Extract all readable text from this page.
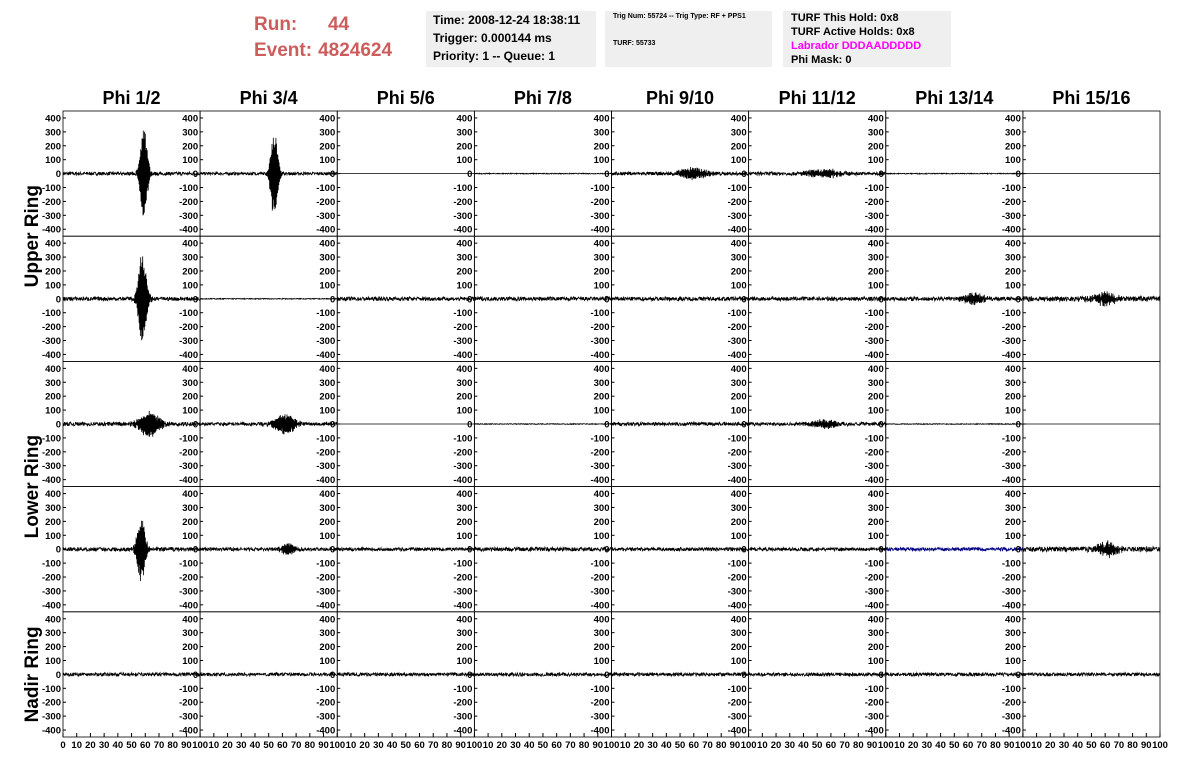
Run:	44
Event: 4824624
Time: 2008-12-24 18:38:11
Trigger: 0.000144 ms
Priority: 1 -- Queue: 1
Trig Num: 55724 -- Trig Type: RF + PPS1
TURF: 55733
TURF This Hold: 0x8
TURF Active Holds: 0x8
Labrador DDDAADDDDD
Phi Mask: 0
Phi 1/2	Phi 3/4	Phi 5/6	Phi 7/8	Phi 9/10	Phi 11/12	Phi 13/14	Phi 15/16
Upper Ring
Lower Ring
Nadir Ring
400
300
200
100
0
-100
-200
-300
-400
400
300
200
100
0
-100
-200
-300
-400
400
300
200
100
0
-100
-200
-300
-400
400
300
200
100
0
-100
-200
-300
-400
400
300
200
100
0
-100
-200
-300
-400
400
300
200
100
0
-100
-200
-300
-400
400
300
200
100
0
-100
-200
-300
-400
400
300
200
100
0
-100
-200
-300
-400
400
300
200
100
0
-100
-200
-300
-400
400
300
200
100
0
-100
-200
-300
-400
400
300
200
100
0
-100
-200
-300
-400
400
300
200
100
0
-100
-200
-300
-400
400
300
200
100
0
-100
-200
-300
-400
400
300
200
100
0
-100
-200
-300
-400
400
300
200
100
0
-100
-200
-300
-400
400
300
200
100
0
-100
-200
-300
-400
400
300
200
100
0
-100
-200
-300
-400
400
300
200
100
0
-100
-200
-300
-400
400
300
200
100
0
-100
-200
-300
-400
400
300
200
100
0
-100
-200
-300
-400
400
300
200
100
0
-100
-200
-300
-400
400
300
200
100
0
-100
-200
-300
-400
400
300
200
100
0
-100
-200
-300
-400
400
300
200
100
0
-100
-200
-300
-400
400
300
200
100
0
-100
-200
-300
-400
400
300
200
100
0
-100
-200
-300
-400
400
300
200
100
0
-100
-200
-300
-400
400
300
200
100
0
-100
-200
-300
-400
400
300
200
100
0
-100
-200
-300
-400
400
300
200
100
0
-100
-200
-300
-400
400
300
200
100
0
-100
-200
-300
-400
400
300
200
100
0
-100
-200
-300
-400
400
300
200
100
0
-100
-200
-300
-400
400
300
200
100
0
-100
-200
-300
-400
400
300
200
100
0
-100
-200
-300
-400
400
300
200
100
0
-100
-200
-300
-400
400
300
200
100
0
-100
-200
-300
-400
400
300
200
100
0
-100
-200
-300
-400
400
300
200
100
0
-100
-200
-300
-400
400
300
200
100
0
-100
-200
-300
-400
0 10 20 30 40 50 60 70 80 90 100 10 20 30 40 50 60 70 80 90 100 10 20 30 40 50 60 70 80 90 100 10 20 30 40 50 60 70 80 90 100 10 20 30 40 50 60 70 80 90 100 10 20 30 40 50 60 70 80 90 100 10 20 30 40 50 60 70 80 90 100 10 20 30 40 50 60 70 80 90 100
